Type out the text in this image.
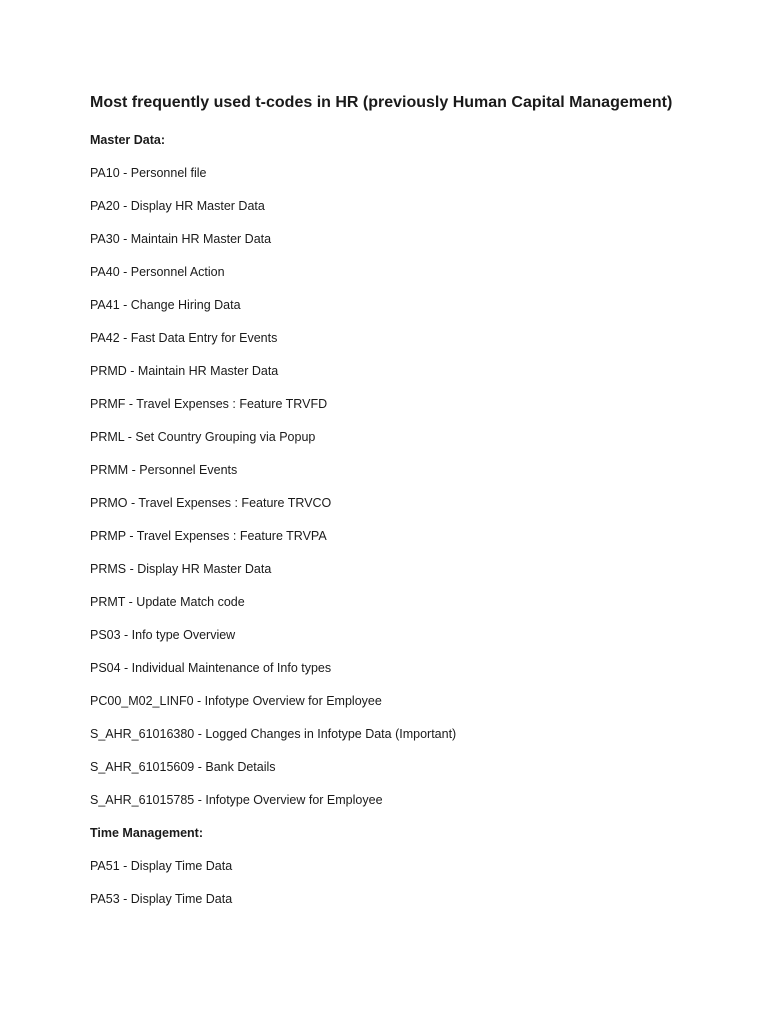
Most frequently used t-codes in HR (previously Human Capital Management)
Master Data:
PA10 - Personnel file
PA20 - Display HR Master Data
PA30 - Maintain HR Master Data
PA40 - Personnel Action
PA41 - Change Hiring Data
PA42 - Fast Data Entry for Events
PRMD - Maintain HR Master Data
PRMF - Travel Expenses : Feature TRVFD
PRML - Set Country Grouping via Popup
PRMM - Personnel Events
PRMO - Travel Expenses : Feature TRVCO
PRMP - Travel Expenses : Feature TRVPA
PRMS - Display HR Master Data
PRMT - Update Match code
PS03 - Info type Overview
PS04 - Individual Maintenance of Info types
PC00_M02_LINF0 - Infotype Overview for Employee
S_AHR_61016380 - Logged Changes in Infotype Data (Important)
S_AHR_61015609 - Bank Details
S_AHR_61015785 - Infotype Overview for Employee
Time Management:
PA51 - Display Time Data
PA53 - Display Time Data
